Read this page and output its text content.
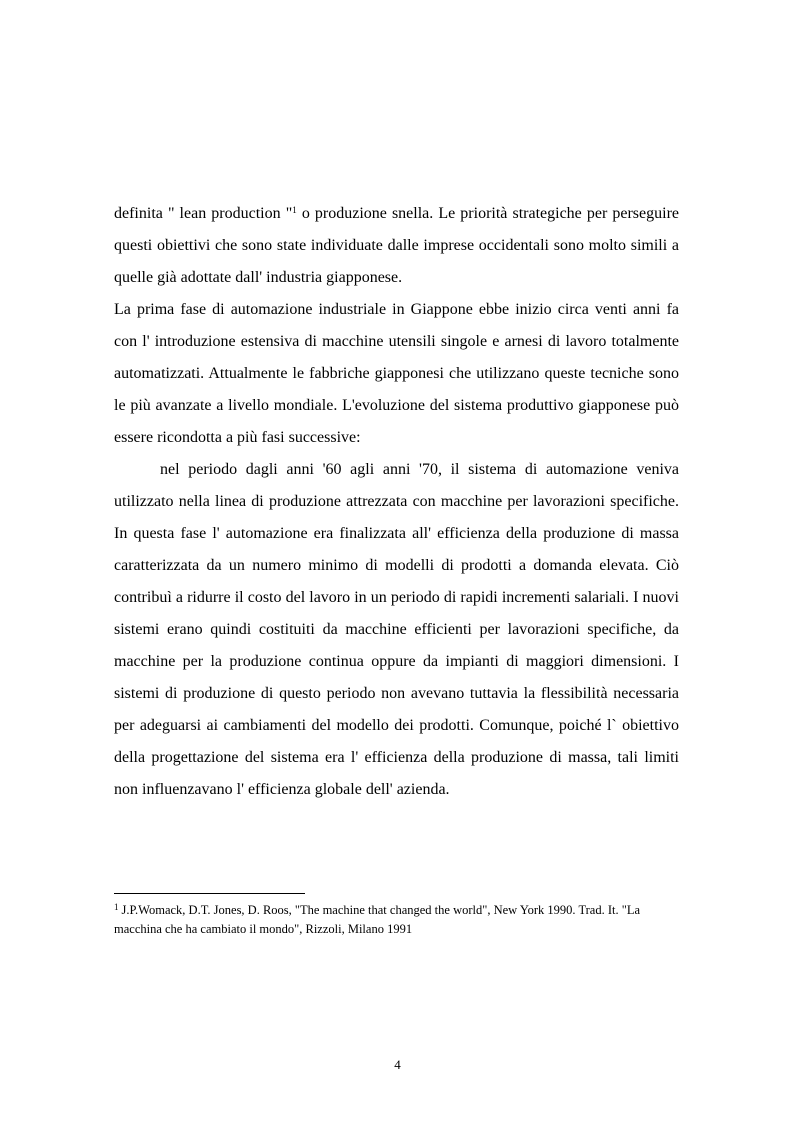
definita " lean production "$^1$ o produzione snella. Le priorità strategiche per perseguire questi obiettivi che sono state individuate dalle imprese occidentali sono molto simili a quelle già adottate dall' industria giapponese.

La prima fase di automazione industriale in Giappone ebbe inizio circa venti anni fa con l' introduzione estensiva di macchine utensili singole e arnesi di lavoro totalmente automatizzati. Attualmente le fabbriche giapponesi che utilizzano queste tecniche sono le più avanzate a livello mondiale. L'evoluzione del sistema produttivo giapponese può essere ricondotta a più fasi successive:

nel periodo dagli anni '60 agli anni '70, il sistema di automazione veniva utilizzato nella linea di produzione attrezzata con macchine per lavorazioni specifiche. In questa fase l' automazione era finalizzata all' efficienza della produzione di massa caratterizzata da un numero minimo di modelli di prodotti a domanda elevata. Ciò contribuì a ridurre il costo del lavoro in un periodo di rapidi incrementi salariali. I nuovi sistemi erano quindi costituiti da macchine efficienti per lavorazioni specifiche, da macchine per la produzione continua oppure da impianti di maggiori dimensioni. I sistemi di produzione di questo periodo non avevano tuttavia la flessibilità necessaria per adeguarsi ai cambiamenti del modello dei prodotti. Comunque, poiché l` obiettivo della progettazione del sistema era l' efficienza della produzione di massa, tali limiti non influenzavano l' efficienza globale dell' azienda.

$^1$ J.P.Womack, D.T. Jones, D. Roos, "The machine that changed the world", New York 1990. Trad. It. "La macchina che ha cambiato il mondo", Rizzoli, Milano 1991
4
